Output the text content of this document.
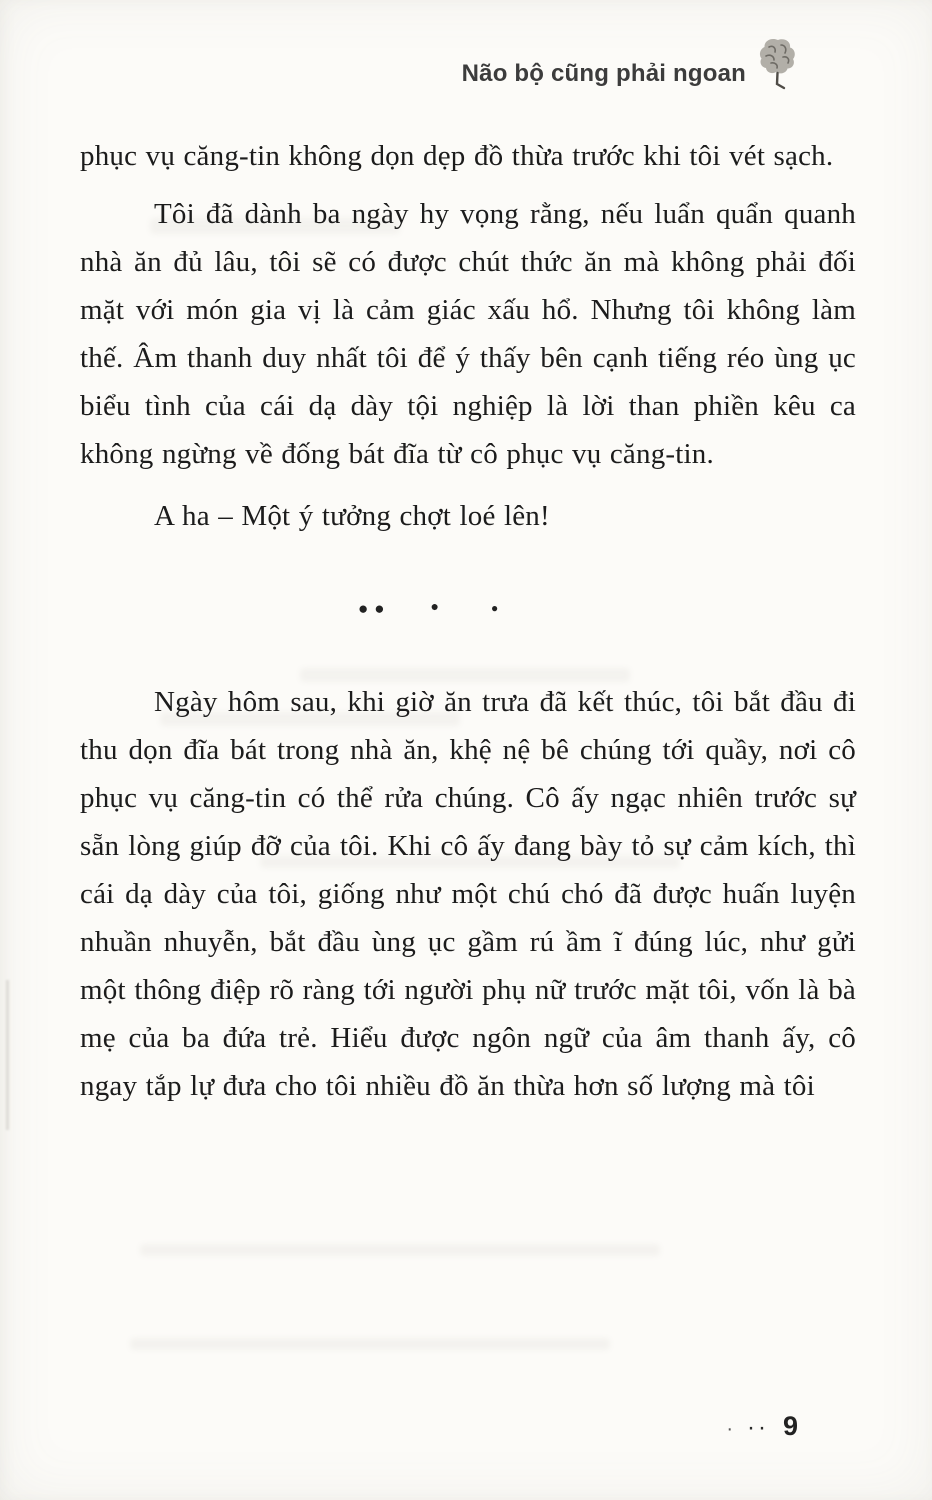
Não bộ cũng phải ngoan

phục vụ căng-tin không dọn dẹp đồ thừa trước khi tôi vét sạch.

Tôi đã dành ba ngày hy vọng rằng, nếu luẩn quẩn quanh nhà ăn đủ lâu, tôi sẽ có được chút thức ăn mà không phải đối mặt với món gia vị là cảm giác xấu hổ. Nhưng tôi không làm thế. Âm thanh duy nhất tôi để ý thấy bên cạnh tiếng réo ùng ục biểu tình của cái dạ dày tội nghiệp là lời than phiền kêu ca không ngừng về đống bát đĩa từ cô phục vụ căng-tin.

A ha – Một ý tưởng chợt loé lên!

●●	●	●

Ngày hôm sau, khi giờ ăn trưa đã kết thúc, tôi bắt đầu đi thu dọn đĩa bát trong nhà ăn, khệ nệ bê chúng tới quầy, nơi cô phục vụ căng-tin có thể rửa chúng. Cô ấy ngạc nhiên trước sự sẵn lòng giúp đỡ của tôi. Khi cô ấy đang bày tỏ sự cảm kích, thì cái dạ dày của tôi, giống như một chú chó đã được huấn luyện nhuần nhuyễn, bắt đầu ùng ục gầm rú ầm ĩ đúng lúc, như gửi một thông điệp rõ ràng tới người phụ nữ trước mặt tôi, vốn là bà mẹ của ba đứa trẻ. Hiểu được ngôn ngữ của âm thanh ấy, cô ngay tắp lự đưa cho tôi nhiều đồ ăn thừa hơn số lượng mà tôi

· ·· 9
